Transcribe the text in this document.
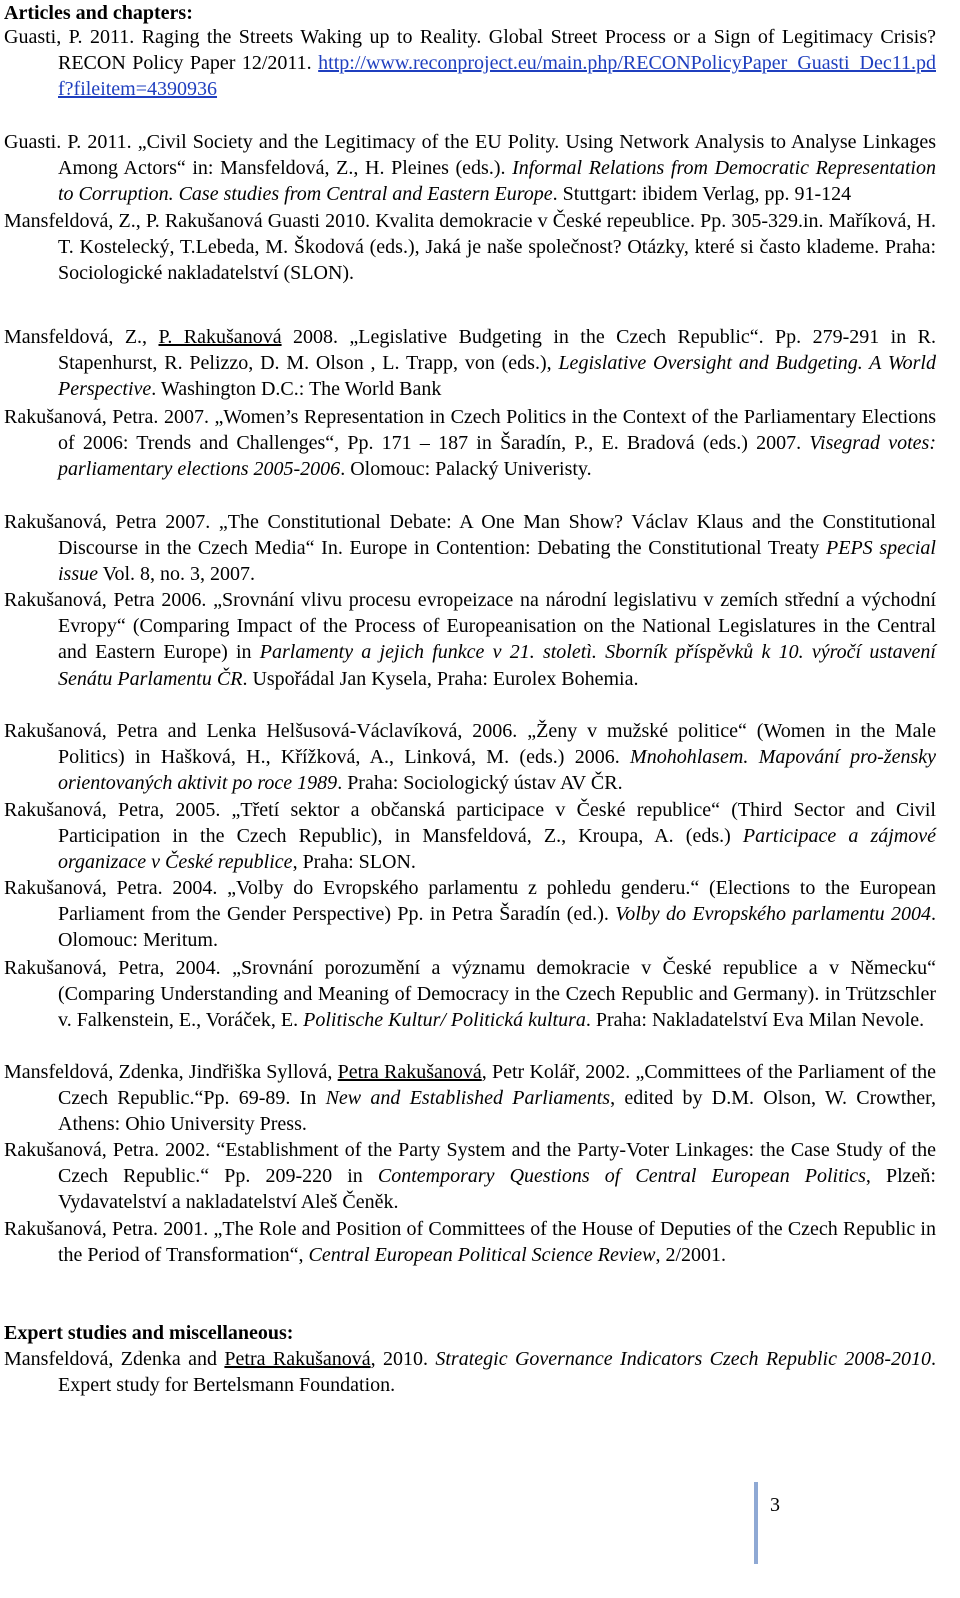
Articles and chapters:
Guasti, P. 2011. Raging the Streets Waking up to Reality. Global Street Process or a Sign of Legitimacy Crisis? RECON Policy Paper 12/2011. http://www.reconproject.eu/main.php/RECONPolicyPaper_Guasti_Dec11.pdf?fileitem=4390936
Guasti. P. 2011. „Civil Society and the Legitimacy of the EU Polity. Using Network Analysis to Analyse Linkages Among Actors“ in: Mansfeldová, Z., H. Pleines (eds.). Informal Relations from Democratic Representation to Corruption. Case studies from Central and Eastern Europe. Stuttgart: ibidem Verlag, pp. 91-124
Mansfeldová, Z., P. Rakušanová Guasti 2010. Kvalita demokracie v České repeublice. Pp. 305-329.in. Maříková, H. T. Kostelecký, T.Lebeda, M. Škodová (eds.), Jaká je naše společnost? Otázky, které si často klademe. Praha: Sociologické nakladatelství (SLON).
Mansfeldová, Z., P. Rakušanová 2008. „Legislative Budgeting in the Czech Republic“. Pp. 279-291 in R. Stapenhurst, R. Pelizzo, D. M. Olson , L. Trapp, von (eds.), Legislative Oversight and Budgeting. A World Perspective. Washington D.C.: The World Bank
Rakušanová, Petra. 2007. „Women’s Representation in Czech Politics in the Context of the Parliamentary Elections of 2006: Trends and Challenges“, Pp. 171 – 187 in Šaradín, P., E. Bradová (eds.) 2007. Visegrad votes: parliamentary elections 2005-2006. Olomouc: Palacký Univeristy.
Rakušanová, Petra 2007. „The Constitutional Debate: A One Man Show? Václav Klaus and the Constitutional Discourse in the Czech Media“ In. Europe in Contention: Debating the Constitutional Treaty PEPS special issue Vol. 8, no. 3, 2007.
Rakušanová, Petra 2006. „Srovnání vlivu procesu evropeizace na národní legislativu v zemích střední a východní Evropy“ (Comparing Impact of the Process of Europeanisation on the National Legislatures in the Central and Eastern Europe) in Parlamenty a jejich funkce v 21. stoletì. Sborník příspěvků k 10. výročí ustavení Senátu Parlamentu ČR. Uspořádal Jan Kysela, Praha: Eurolex Bohemia.
Rakušanová, Petra and Lenka Helšusová-Václavíková, 2006. „Ženy v mužské politice“ (Women in the Male Politics) in Hašková, H., Křížková, A., Linková, M. (eds.) 2006. Mnohohlasem. Mapování pro-žensky orientovaných aktivit po roce 1989. Praha: Sociologický ústav AV ČR.
Rakušanová, Petra, 2005. „Třetí sektor a občanská participace v České republice“ (Third Sector and Civil Participation in the Czech Republic), in Mansfeldová, Z., Kroupa, A. (eds.) Participace a zájmové organizace v České republice, Praha: SLON.
Rakušanová, Petra. 2004. „Volby do Evropského parlamentu z pohledu genderu.“ (Elections to the European Parliament from the Gender Perspective) Pp. in Petra Šaradín (ed.). Volby do Evropského parlamentu 2004. Olomouc: Meritum.
Rakušanová, Petra, 2004. „Srovnání porozumění a významu demokracie v České republice a v Německu“ (Comparing Understanding and Meaning of Democracy in the Czech Republic and Germany). in Trützschler v. Falkenstein, E., Voráček, E. Politische Kultur/ Politická kultura. Praha: Nakladatelství Eva Milan Nevole.
Mansfeldová, Zdenka, Jindřiška Syllová, Petra Rakušanová, Petr Kolář, 2002. „Committees of the Parliament of the Czech Republic.“Pp. 69-89. In New and Established Parliaments, edited by D.M. Olson, W. Crowther, Athens: Ohio University Press.
Rakušanová, Petra. 2002. “Establishment of the Party System and the Party-Voter Linkages: the Case Study of the Czech Republic.“ Pp. 209-220 in Contemporary Questions of Central European Politics, Plzeň: Vydavatelství a nakladatelství Aleš Čeněk.
Rakušanová, Petra. 2001. „The Role and Position of Committees of the House of Deputies of the Czech Republic in the Period of Transformation“, Central European Political Science Review, 2/2001.
Expert studies and miscellaneous:
Mansfeldová, Zdenka and Petra Rakušanová, 2010. Strategic Governance Indicators Czech Republic 2008-2010. Expert study for Bertelsmann Foundation.
3
